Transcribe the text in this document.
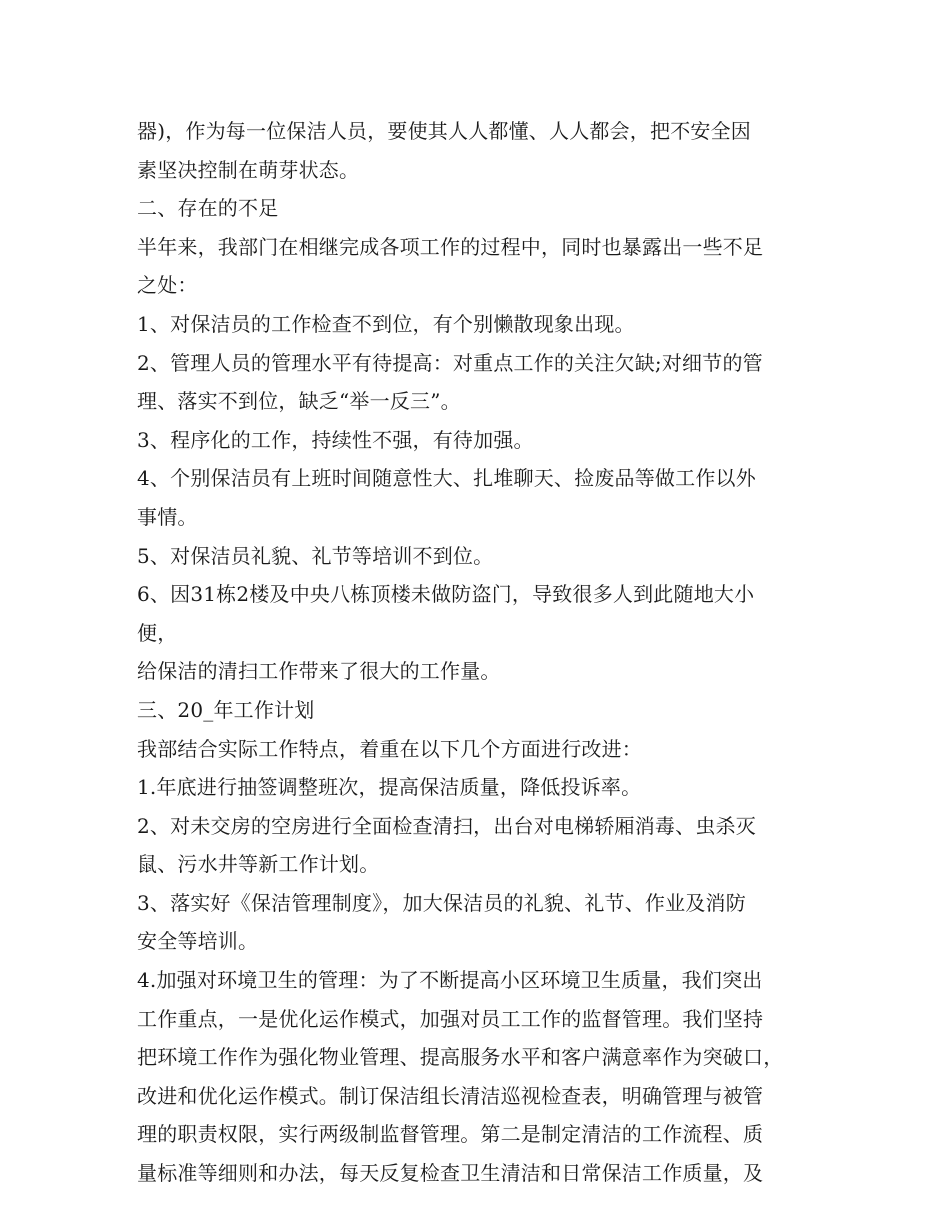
器)，作为每一位保洁人员，要使其人人都懂、人人都会，把不安全因
素坚决控制在萌芽状态。
二、存在的不足
半年来，我部门在相继完成各项工作的过程中，同时也暴露出一些不足
之处：
1、对保洁员的工作检查不到位，有个别懒散现象出现。
2、管理人员的管理水平有待提高：对重点工作的关注欠缺;对细节的管
理、落实不到位，缺乏“举一反三”。
3、程序化的工作，持续性不强，有待加强。
4、个别保洁员有上班时间随意性大、扎堆聊天、捡废品等做工作以外
事情。
5、对保洁员礼貌、礼节等培训不到位。
6、因31栋2楼及中央八栋顶楼未做防盗门，导致很多人到此随地大小
便，
给保洁的清扫工作带来了很大的工作量。
三、20_年工作计划
我部结合实际工作特点，着重在以下几个方面进行改进：
1.年底进行抽签调整班次，提高保洁质量，降低投诉率。
2、对未交房的空房进行全面检查清扫，出台对电梯轿厢消毒、虫杀灭
鼠、污水井等新工作计划。
3、落实好《保洁管理制度》，加大保洁员的礼貌、礼节、作业及消防
安全等培训。
4.加强对环境卫生的管理：为了不断提高小区环境卫生质量，我们突出
工作重点，一是优化运作模式，加强对员工工作的监督管理。我们坚持
把环境工作作为强化物业管理、提高服务水平和客户满意率作为突破口，
改进和优化运作模式。制订保洁组长清洁巡视检查表，明确管理与被管
理的职责权限，实行两级制监督管理。第二是制定清洁的工作流程、质
量标准等细则和办法，每天反复检查卫生清洁和日常保洁工作质量，及
